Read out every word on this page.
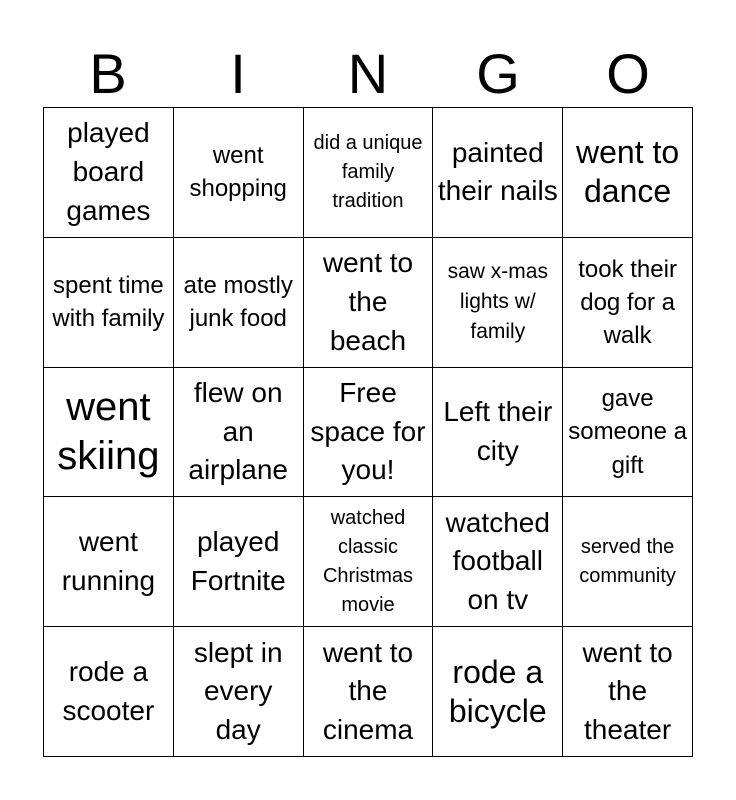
B	I	N	G	O
played board games
went shopping
did a unique family tradition
painted their nails
went to dance
spent time with family
ate mostly junk food
went to the beach
saw x-mas lights w/ family
took their dog for a walk
went skiing
flew on an airplane
Free space for you!
Left their city
gave someone a gift
went running
played Fortnite
watched classic Christmas movie
watched football on tv
served the community
rode a scooter
slept in every day
went to the cinema
rode a bicycle
went to the theater
